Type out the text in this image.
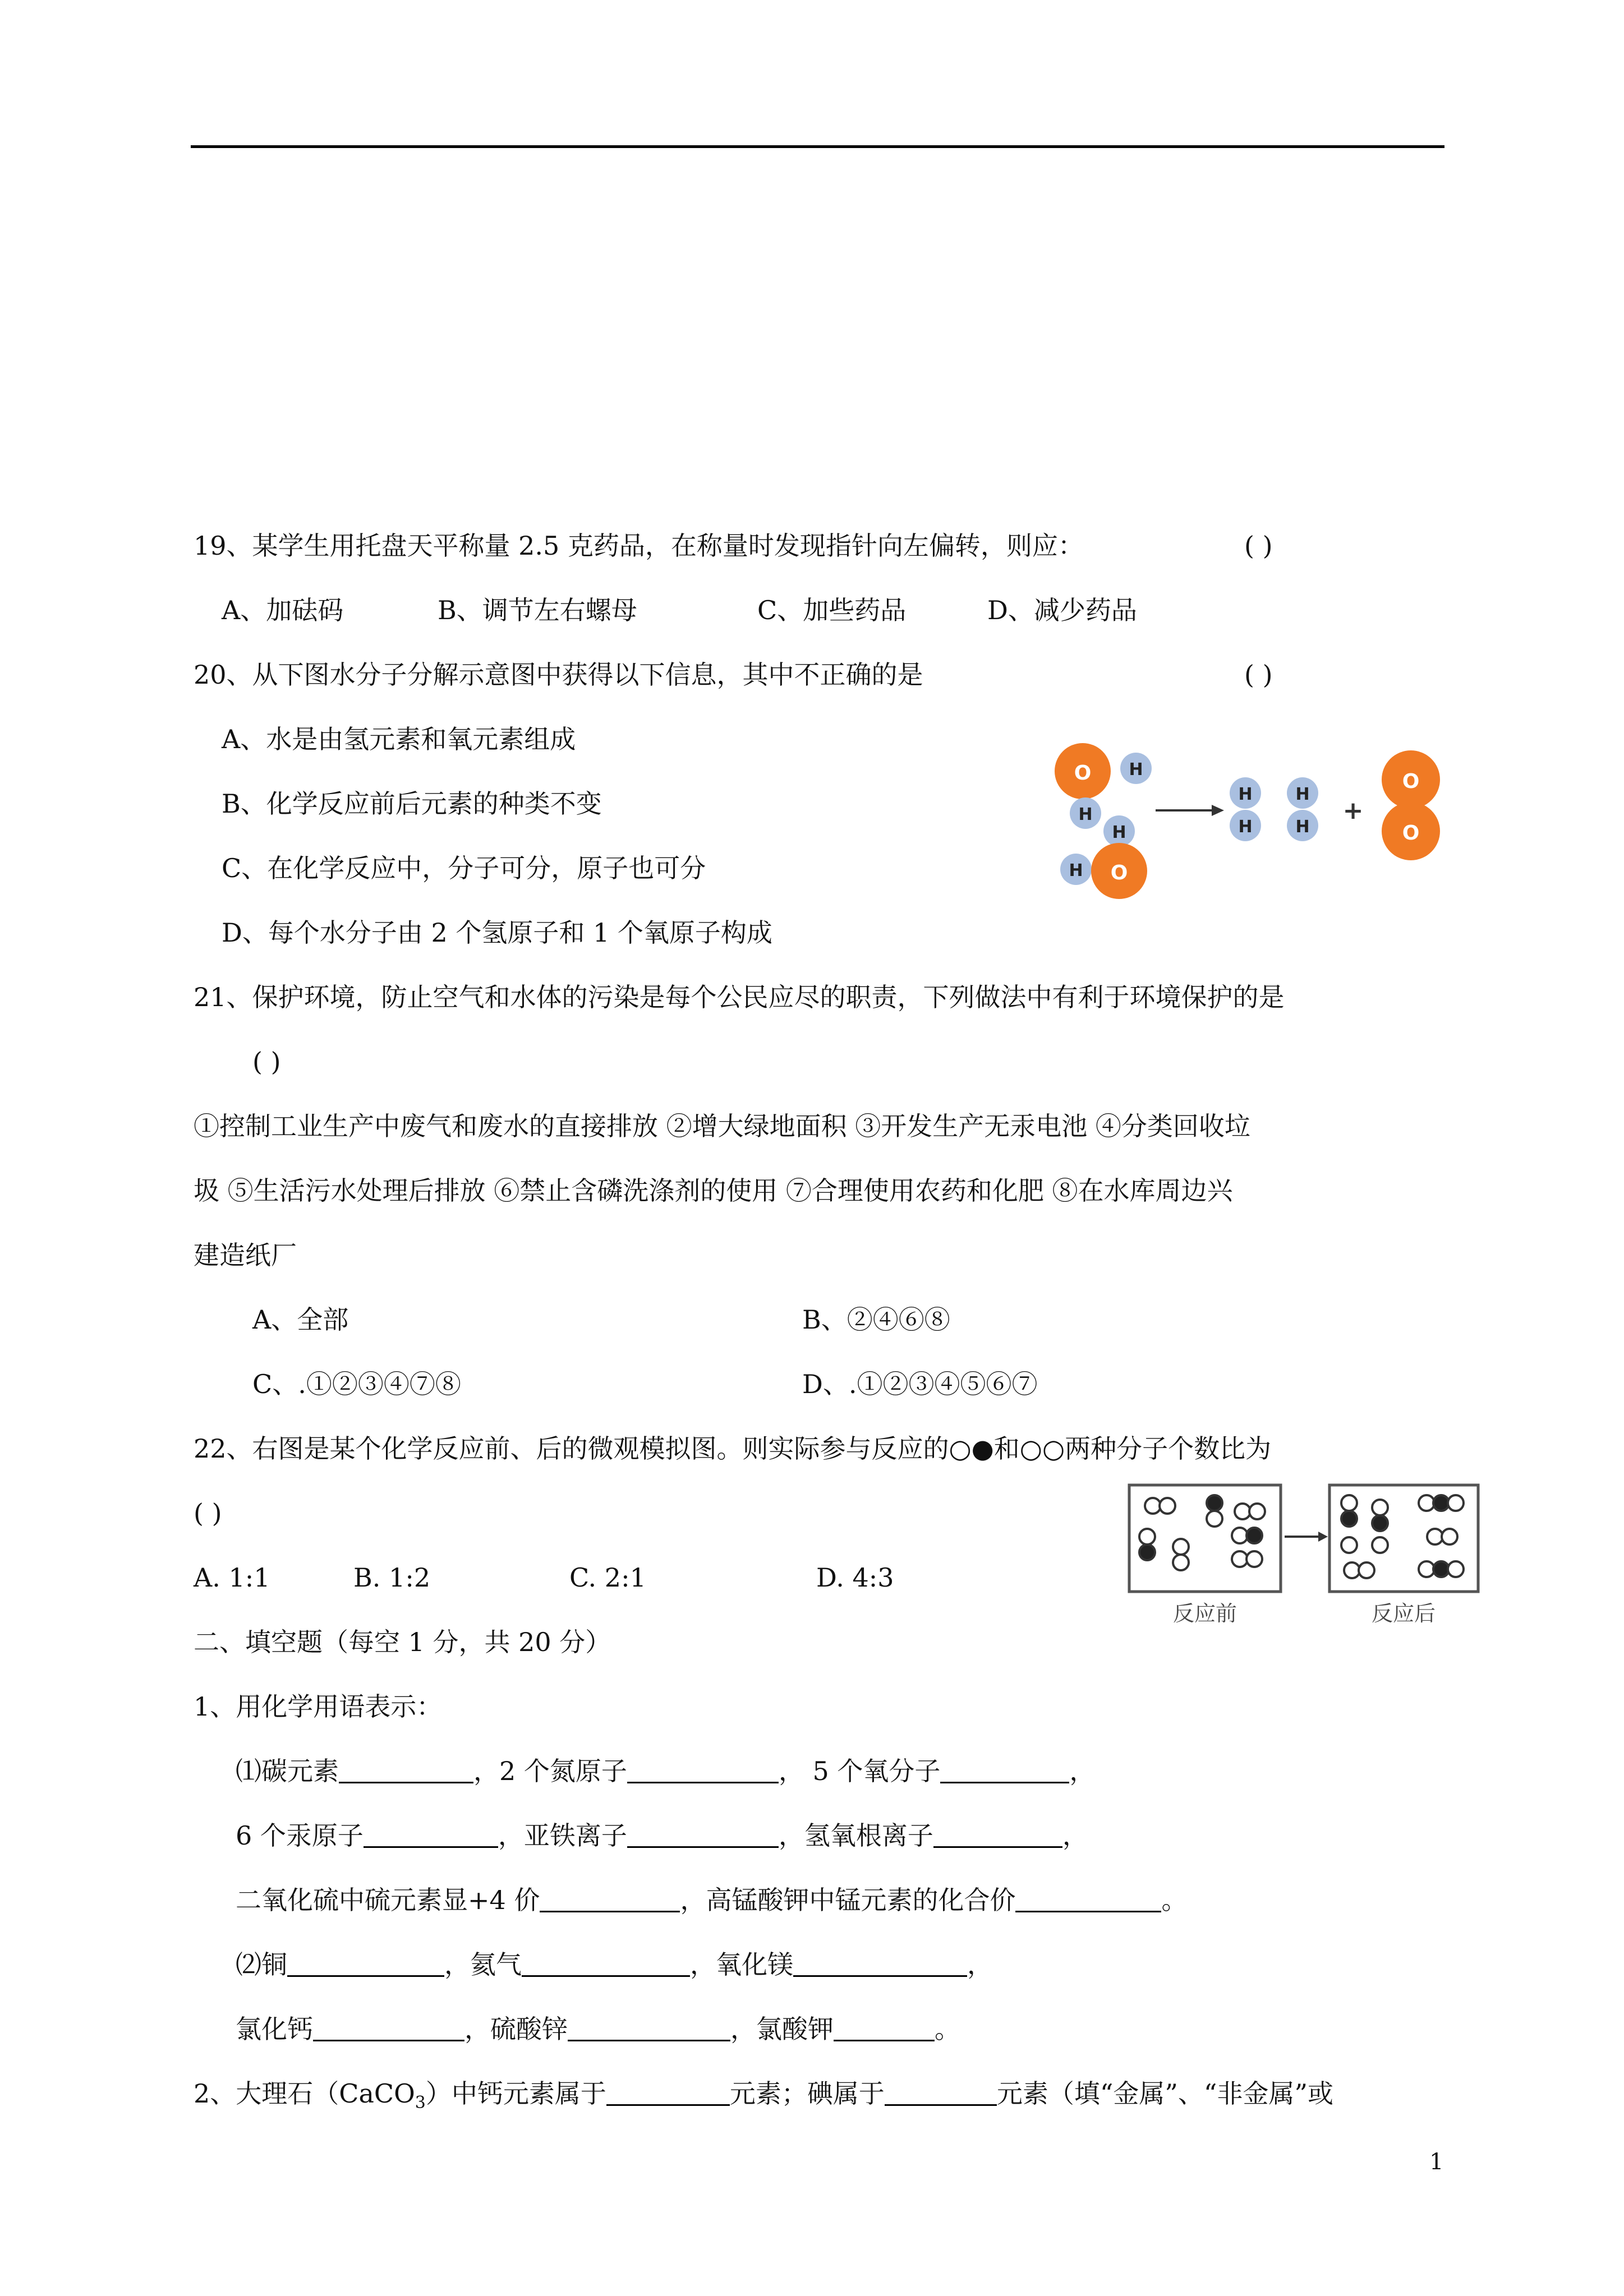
19、某学生用托盘天平称量 2.5 克药品，在称量时发现指针向左偏转，则应：	( )
A、加砝码	B、调节左右螺母	C、加些药品	D、减少药品
20、从下图水分子分解示意图中获得以下信息，其中不正确的是	( )
A、水是由氢元素和氧元素组成
B、化学反应前后元素的种类不变
C、在化学反应中，分子可分，原子也可分
D、每个水分子由 2 个氢原子和 1 个氧原子构成
O H
H
H
H O
H
H
H
H
+
O
O
21、保护环境，防止空气和水体的污染是每个公民应尽的职责，下列做法中有利于环境保护的是
( )
①控制工业生产中废气和废水的直接排放 ②增大绿地面积 ③开发生产无汞电池 ④分类回收垃
圾 ⑤生活污水处理后排放 ⑥禁止含磷洗涤剂的使用 ⑦合理使用农药和化肥 ⑧在水库周边兴
建造纸厂
A、全部	B、②④⑥⑧
C、.①②③④⑦⑧	D、.①②③④⑤⑥⑦
22、右图是某个化学反应前、后的微观模拟图。则实际参与反应的○●和○○两种分子个数比为
( )
A. 1:1	B. 1:2	C. 2:1	D. 4:3
反应前	反应后
二、填空题（每空 1 分，共 20 分）
1、用化学用语表示：
⑴碳元素	，2 个氮原子	， 5 个氧分子	，
6 个汞原子	，亚铁离子	，氢氧根离子	，
二氧化硫中硫元素显+4 价	，高锰酸钾中锰元素的化合价	。
⑵铜	，氦气	，氧化镁	，
氯化钙	，硫酸锌	，氯酸钾	。
2、大理石（CaCO$_3$）中钙元素属于	元素；碘属于	元素（填“金属”、“非金属”或
1
